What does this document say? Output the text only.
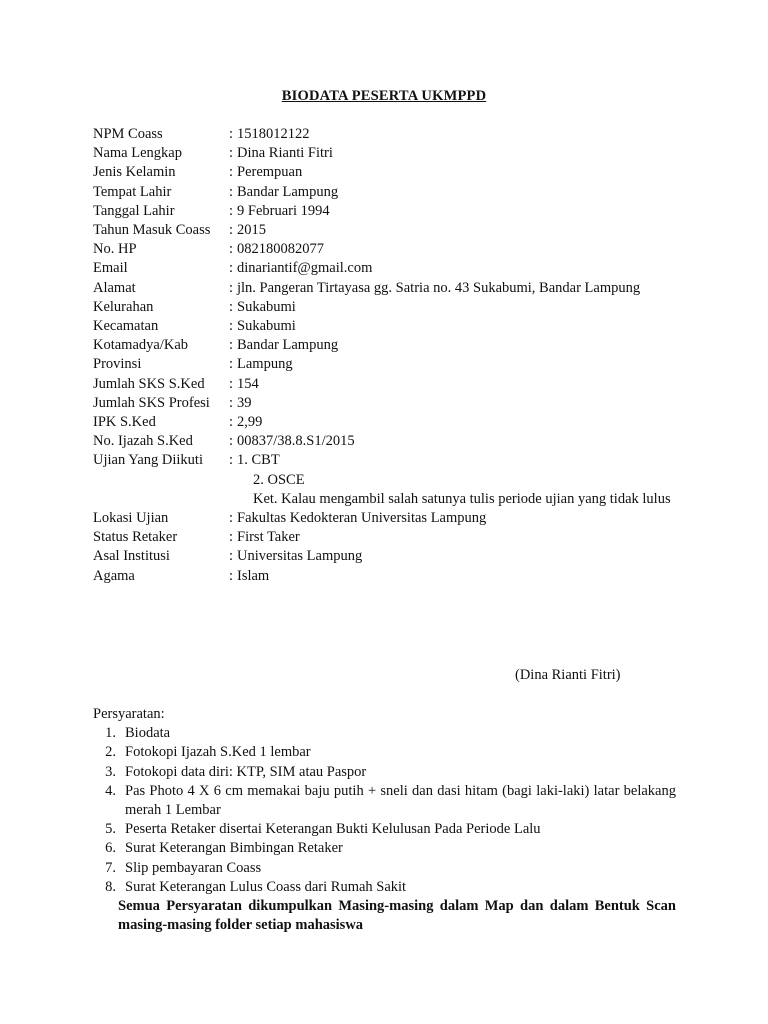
BIODATA PESERTA UKMPPD
NPM Coass	: 1518012122
Nama Lengkap	: Dina Rianti Fitri
Jenis Kelamin	: Perempuan
Tempat Lahir	: Bandar Lampung
Tanggal Lahir	: 9 Februari 1994
Tahun Masuk Coass	: 2015
No. HP	: 082180082077
Email	: dinariantif@gmail.com
Alamat	: jln. Pangeran Tirtayasa gg. Satria no. 43 Sukabumi, Bandar Lampung
Kelurahan	: Sukabumi
Kecamatan	: Sukabumi
Kotamadya/Kab	: Bandar Lampung
Provinsi	: Lampung
Jumlah SKS S.Ked	: 154
Jumlah SKS Profesi	: 39
IPK S.Ked	: 2,99
No. Ijazah S.Ked	: 00837/38.8.S1/2015
Ujian Yang Diikuti	: 1. CBT
2. OSCE
Ket. Kalau mengambil salah satunya tulis periode ujian yang tidak lulus
Lokasi Ujian	: Fakultas Kedokteran Universitas Lampung
Status Retaker	: First Taker
Asal Institusi	: Universitas Lampung
Agama	: Islam
(Dina Rianti Fitri)
Persyaratan:
1. Biodata
2. Fotokopi Ijazah S.Ked 1 lembar
3. Fotokopi data diri: KTP, SIM atau Paspor
4. Pas Photo 4 X 6 cm memakai baju putih + sneli dan dasi hitam (bagi laki-laki) latar belakang merah 1 Lembar
5. Peserta Retaker disertai Keterangan Bukti Kelulusan Pada Periode Lalu
6. Surat Keterangan Bimbingan Retaker
7. Slip pembayaran Coass
8. Surat Keterangan Lulus Coass dari Rumah Sakit
Semua Persyaratan dikumpulkan Masing-masing dalam Map dan dalam Bentuk Scan masing-masing folder setiap mahasiswa
